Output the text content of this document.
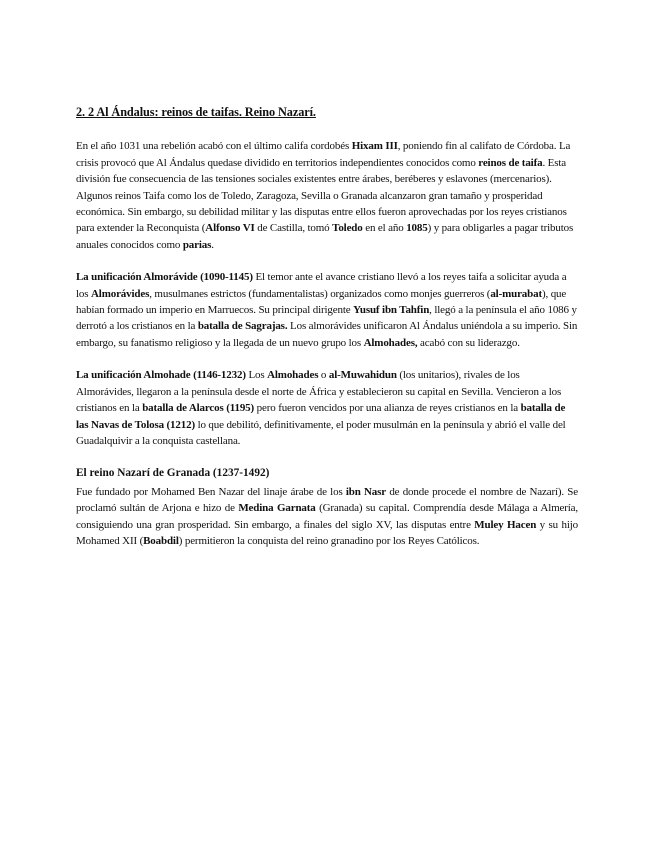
2. 2 Al Ándalus: reinos de taifas. Reino Nazarí.

En el año 1031 una rebelión acabó con el último califa cordobés Hixam III, poniendo fin al califato de Córdoba. La crisis provocó que Al Ándalus quedase dividido en territorios independientes conocidos como reinos de taifa. Esta división fue consecuencia de las tensiones sociales existentes entre árabes, beréberes y eslavones (mercenarios). Algunos reinos Taifa como los de Toledo, Zaragoza, Sevilla o Granada alcanzaron gran tamaño y prosperidad económica. Sin embargo, su debilidad militar y las disputas entre ellos fueron aprovechadas por los reyes cristianos para extender la Reconquista (Alfonso VI de Castilla, tomó Toledo en el año 1085) y para obligarles a pagar tributos anuales conocidos como parias.

La unificación Almorávide (1090-1145) El temor ante el avance cristiano llevó a los reyes taifa a solicitar ayuda a los Almorávides, musulmanes estrictos (fundamentalistas) organizados como monjes guerreros (al-murabat), que habían formado un imperio en Marruecos. Su principal dirigente Yusuf ibn Tahfin, llegó a la península el año 1086 y derrotó a los cristianos en la batalla de Sagrajas. Los almorávides unificaron Al Ándalus uniéndola a su imperio. Sin embargo, su fanatismo religioso y la llegada de un nuevo grupo los Almohades, acabó con su liderazgo.

La unificación Almohade (1146-1232) Los Almohades o al-Muwahidun (los unitarios), rivales de los Almorávides, llegaron a la península desde el norte de África y establecieron su capital en Sevilla. Vencieron a los cristianos en la batalla de Alarcos (1195) pero fueron vencidos por una alianza de reyes cristianos en la batalla de las Navas de Tolosa (1212) lo que debilitó, definitivamente, el poder musulmán en la península y abrió el valle del Guadalquivir a la conquista castellana.

El reino Nazarí de Granada (1237-1492)

Fue fundado por Mohamed Ben Nazar del linaje árabe de los ibn Nasr de donde procede el nombre de Nazarí). Se proclamó sultán de Arjona e hizo de Medina Garnata (Granada) su capital. Comprendía desde Málaga a Almería, consiguiendo una gran prosperidad. Sin embargo, a finales del siglo XV, las disputas entre Muley Hacen y su hijo Mohamed XII (Boabdil) permitieron la conquista del reino granadino por los Reyes Católicos.
